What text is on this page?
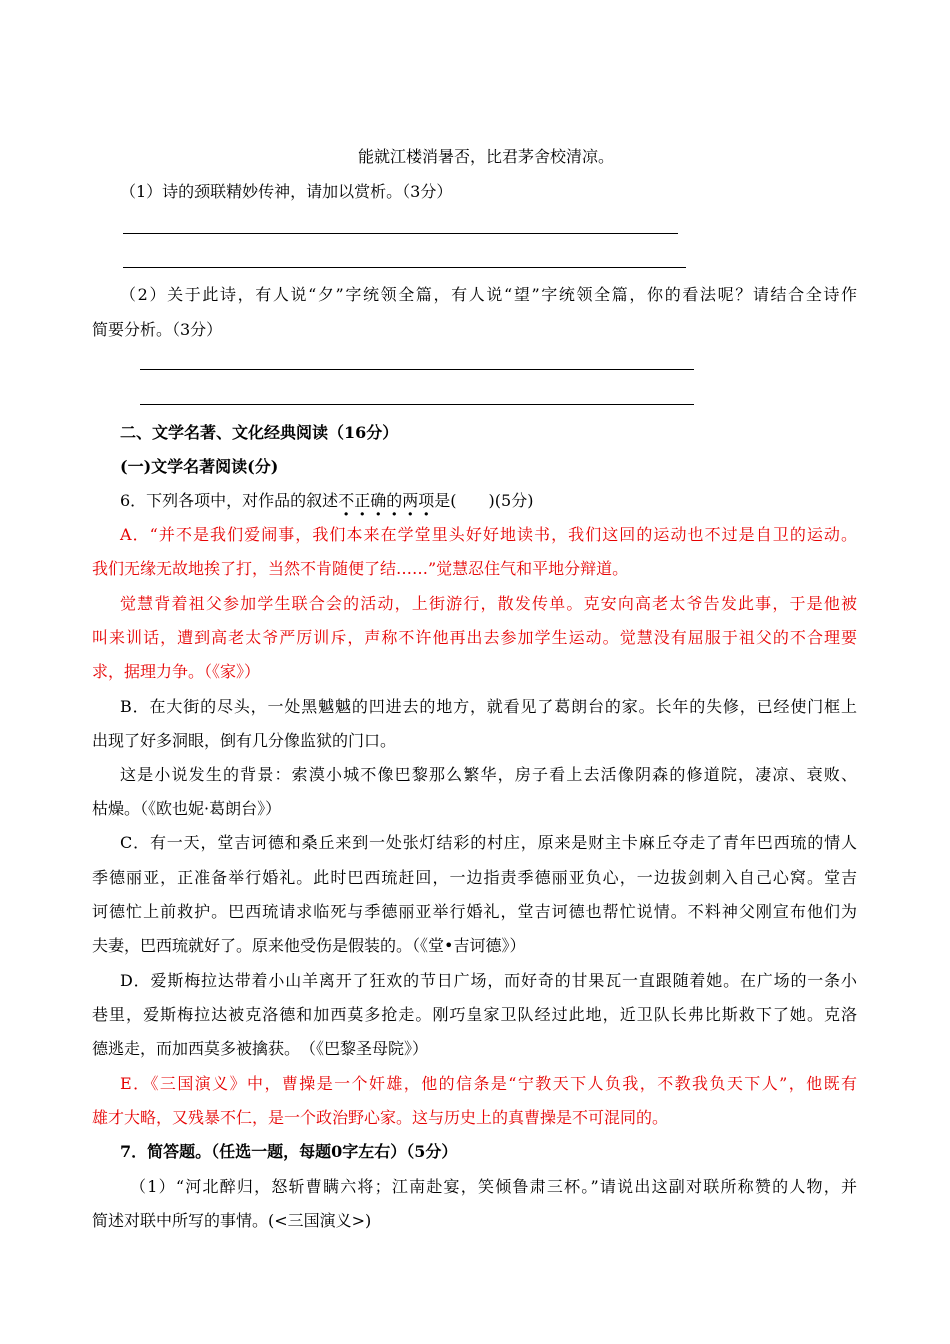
能就江楼消暑否，比君茅舍校清凉。
（1）诗的颈联精妙传神，请加以赏析。（3分）
（2）关于此诗，有人说“夕”字统领全篇，有人说“望”字统领全篇，你的看法呢？请结合全诗作
简要分析。（3分）
二、文学名著、文化经典阅读（16分）
(一)文学名著阅读(分)
6．下列各项中，对作品的叙述不正确的两项是(　　)(5分)
A．“并不是我们爱闹事，我们本来在学堂里头好好地读书，我们这回的运动也不过是自卫的运动。
我们无缘无故地挨了打，当然不肯随便了结……”觉慧忍住气和平地分辩道。
觉慧背着祖父参加学生联合会的活动，上街游行，散发传单。克安向高老太爷告发此事，于是他被
叫来训话，遭到高老太爷严厉训斥，声称不许他再出去参加学生运动。觉慧没有屈服于祖父的不合理要
求，据理力争。（《家》）
B．在大街的尽头，一处黑魆魆的凹进去的地方，就看见了葛朗台的家。长年的失修，已经使门框上
出现了好多洞眼，倒有几分像监狱的门口。
这是小说发生的背景：索漠小城不像巴黎那么繁华，房子看上去活像阴森的修道院，凄凉、衰败、
枯燥。（《欧也妮·葛朗台》）
C．有一天，堂吉诃德和桑丘来到一处张灯结彩的村庄，原来是财主卡麻丘夺走了青年巴西琉的情人
季德丽亚，正准备举行婚礼。此时巴西琉赶回，一边指责季德丽亚负心，一边拔剑刺入自己心窝。堂吉
诃德忙上前救护。巴西琉请求临死与季德丽亚举行婚礼，堂吉诃德也帮忙说情。不料神父刚宣布他们为
夫妻，巴西琉就好了。原来他受伤是假装的。（《堂•吉诃德》）
D．爱斯梅拉达带着小山羊离开了狂欢的节日广场，而好奇的甘果瓦一直跟随着她。在广场的一条小
巷里，爱斯梅拉达被克洛德和加西莫多抢走。刚巧皇家卫队经过此地，近卫队长弗比斯救下了她。克洛
德逃走，而加西莫多被擒获。　（《巴黎圣母院》）
E．《三国演义》中，曹操是一个奸雄，他的信条是“宁教天下人负我，不教我负天下人”，他既有
雄才大略，又残暴不仁，是一个政治野心家。这与历史上的真曹操是不可混同的。
7．简答题。（任选一题，每题0字左右）（5分）
（1）“河北醉归，怒斩曹瞒六将；江南赴宴，笑倾鲁肃三杯。”请说出这副对联所称赞的人物，并
简述对联中所写的事情。(<三国演义>)
